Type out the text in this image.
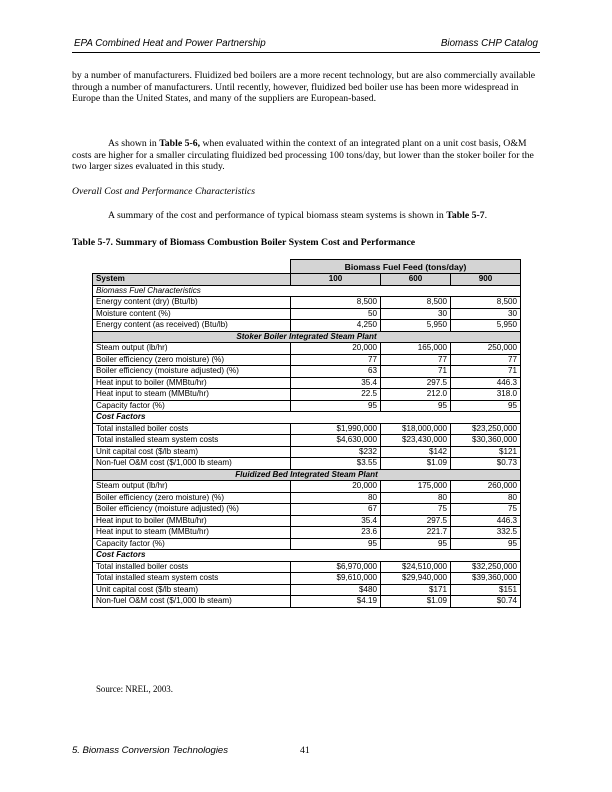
EPA Combined Heat and Power Partnership	Biomass CHP Catalog

by a number of manufacturers. Fluidized bed boilers are a more recent technology, but are also commercially available through a number of manufacturers. Until recently, however, fluidized bed boiler use has been more widespread in Europe than the United States, and many of the suppliers are European-based.

As shown in Table 5-6, when evaluated within the context of an integrated plant on a unit cost basis, O&M costs are higher for a smaller circulating fluidized bed processing 100 tons/day, but lower than the stoker boiler for the two larger sizes evaluated in this study.

Overall Cost and Performance Characteristics

A summary of the cost and performance of typical biomass steam systems is shown in Table 5-7.

Table 5-7. Summary of Biomass Combustion Boiler System Cost and Performance
	Biomass Fuel Feed (tons/day)		
System	100	600	900
Biomass Fuel Characteristics			
Energy content (dry) (Btu/lb)	8,500	8,500	8,500
Moisture content (%)	50	30	30
Energy content (as received) (Btu/lb)	4,250	5,950	5,950
Stoker Boiler Integrated Steam Plant			
Steam output (lb/hr)	20,000	165,000	250,000
Boiler efficiency (zero moisture) (%)	77	77	77
Boiler efficiency (moisture adjusted) (%)	63	71	71
Heat input to boiler (MMBtu/hr)	35.4	297.5	446.3
Heat input to steam (MMBtu/hr)	22.5	212.0	318.0
Capacity factor (%)	95	95	95
Cost Factors			
Total installed boiler costs	$1,990,000	$18,000,000	$23,250,000
Total installed steam system costs	$4,630,000	$23,430,000	$30,360,000
Unit capital cost ($/lb steam)	$232	$142	$121
Non-fuel O&M cost ($/1,000 lb steam)	$3.55	$1.09	$0.73
Fluidized Bed Integrated Steam Plant			
Steam output (lb/hr)	20,000	175,000	260,000
Boiler efficiency (zero moisture) (%)	80	80	80
Boiler efficiency (moisture adjusted) (%)	67	75	75
Heat input to boiler (MMBtu/hr)	35.4	297.5	446.3
Heat input to steam (MMBtu/hr)	23.6	221.7	332.5
Capacity factor (%)	95	95	95
Cost Factors			
Total installed boiler costs	$6,970,000	$24,510,000	$32,250,000
Total installed steam system costs	$9,610,000	$29,940,000	$39,360,000
Unit capital cost ($/lb steam)	$480	$171	$151
Non-fuel O&M cost ($/1,000 lb steam)	$4.19	$1.09	$0.74
Source: NREL, 2003.
5. Biomass Conversion Technologies	41
